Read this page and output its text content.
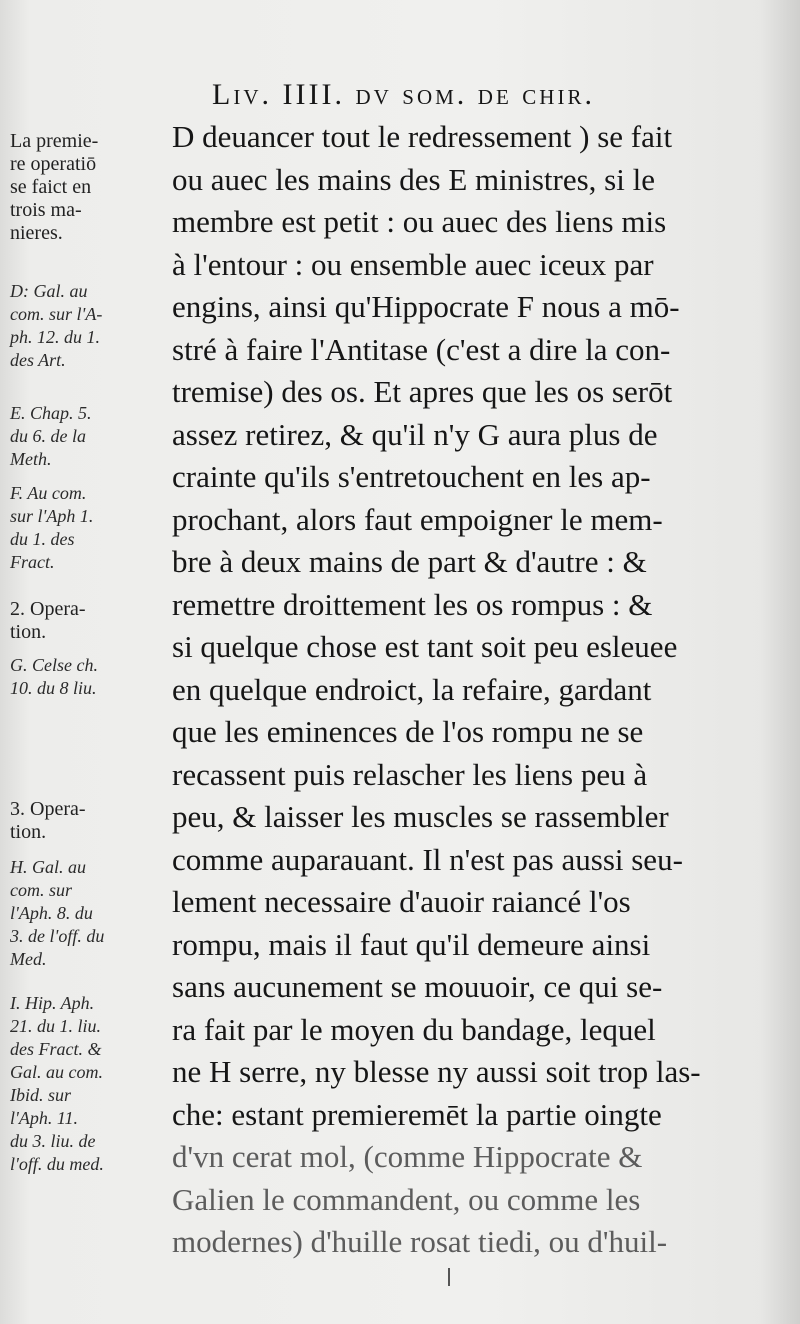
Liv. IIII. dv som. de chir.

La premie-
re operatiō
se faict en
trois ma-
nieres.

D: Gal. au
com. sur l'A-
ph. 12. du 1.
des Art.

E. Chap. 5.
du 6. de la
Meth.

F. Au com.
sur l'Aph 1.
du 1. des
Fract.

2. Opera-
tion.

G. Celse ch.
10. du 8 liu.

3. Opera-
tion.

H. Gal. au
com. sur
l'Aph. 8. du
3. de l'off. du
Med.

I. Hip. Aph.
21. du 1. liu.
des Fract. &
Gal. au com.
Ibid. sur
l'Aph. 11.
du 3. liu. de
l'off. du med.

D deuancer tout le redressement ) se fait
ou auec les mains des E ministres, si le
membre est petit : ou auec des liens mis
à l'entour : ou ensemble auec iceux par
engins, ainsi qu'Hippocrate F nous a mō-
stré à faire l'Antitase (c'est a dire la con-
tremise) des os. Et apres que les os serōt
assez retirez, & qu'il n'y G aura plus de
crainte qu'ils s'entretouchent en les ap-
prochant, alors faut empoigner le mem-
bre à deux mains de part & d'autre : &
remettre droittement les os rompus : &
si quelque chose est tant soit peu esleuee
en quelque endroict, la refaire, gardant
que les eminences de l'os rompu ne se
recassent puis relascher les liens peu à
peu, & laisser les muscles se rassembler
comme auparauant. Il n'est pas aussi seu-
lement necessaire d'auoir raiancé l'os
rompu, mais il faut qu'il demeure ainsi
sans aucunement se mouuoir, ce qui se-
ra fait par le moyen du bandage, lequel
ne H serre, ny blesse ny aussi soit trop las-
che: estant premieremēt la partie oingte
d'vn cerat mol, (comme Hippocrate &
Galien le commandent, ou comme les
modernes) d'huille rosat tiedi, ou d'huil-
